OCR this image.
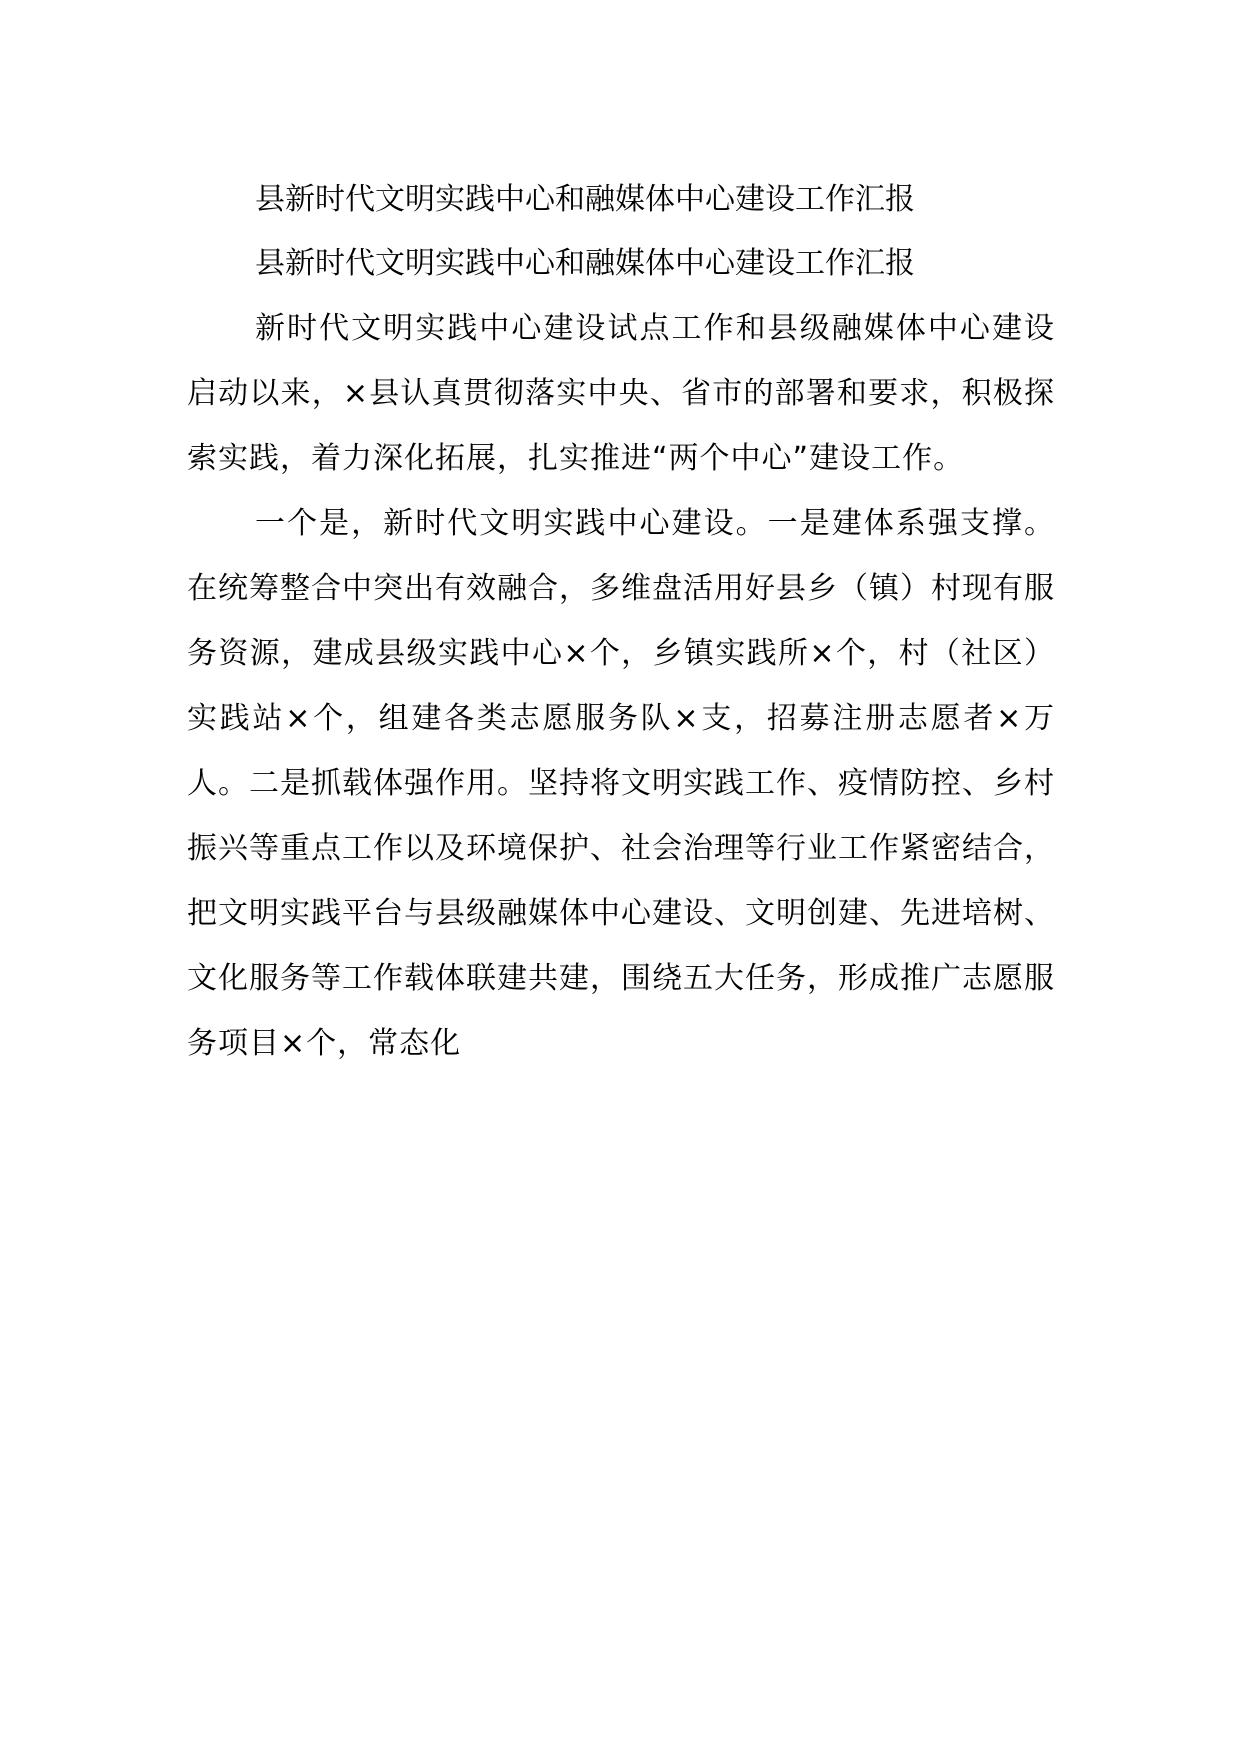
县新时代文明实践中心和融媒体中心建设工作汇报

县新时代文明实践中心和融媒体中心建设工作汇报

新时代文明实践中心建设试点工作和县级融媒体中心建设启动以来，×县认真贯彻落实中央、省市的部署和要求，积极探索实践，着力深化拓展，扎实推进“两个中心”建设工作。

一个是，新时代文明实践中心建设。一是建体系强支撑。在统筹整合中突出有效融合，多维盘活用好县乡（镇）村现有服务资源，建成县级实践中心×个，乡镇实践所×个，村（社区）实践站×个，组建各类志愿服务队×支，招募注册志愿者×万人。二是抓载体强作用。坚持将文明实践工作、疫情防控、乡村振兴等重点工作以及环境保护、社会治理等行业工作紧密结合，把文明实践平台与县级融媒体中心建设、文明创建、先进培树、文化服务等工作载体联建共建，围绕五大任务，形成推广志愿服务项目×个，常态化
